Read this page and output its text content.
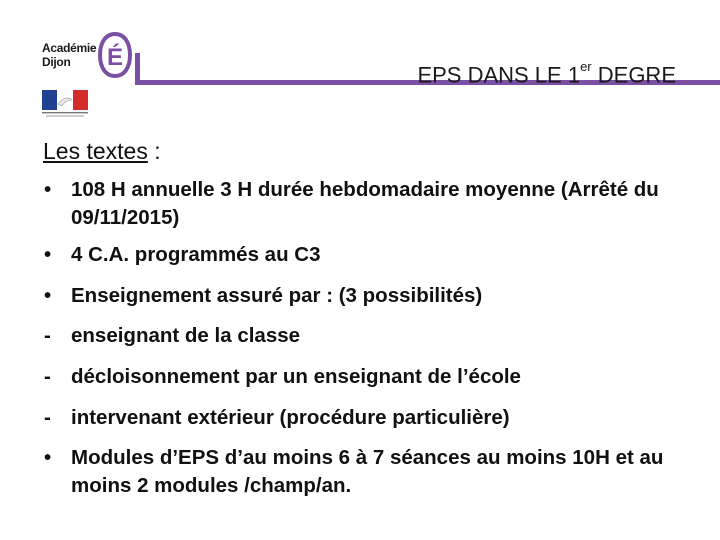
Académie
Dijon É
EPS DANS LE 1er DEGRE
Les textes :
• 108 H annuelle 3 H durée hebdomadaire moyenne (Arrêté du 09/11/2015)
• 4 C.A. programmés au C3
• Enseignement assuré par : (3 possibilités)
- enseignant de la classe
- décloisonnement par un enseignant de l’école
- intervenant extérieur (procédure particulière)
• Modules d’EPS d’au moins 6 à 7 séances au moins 10H et au moins 2 modules /champ/an.
